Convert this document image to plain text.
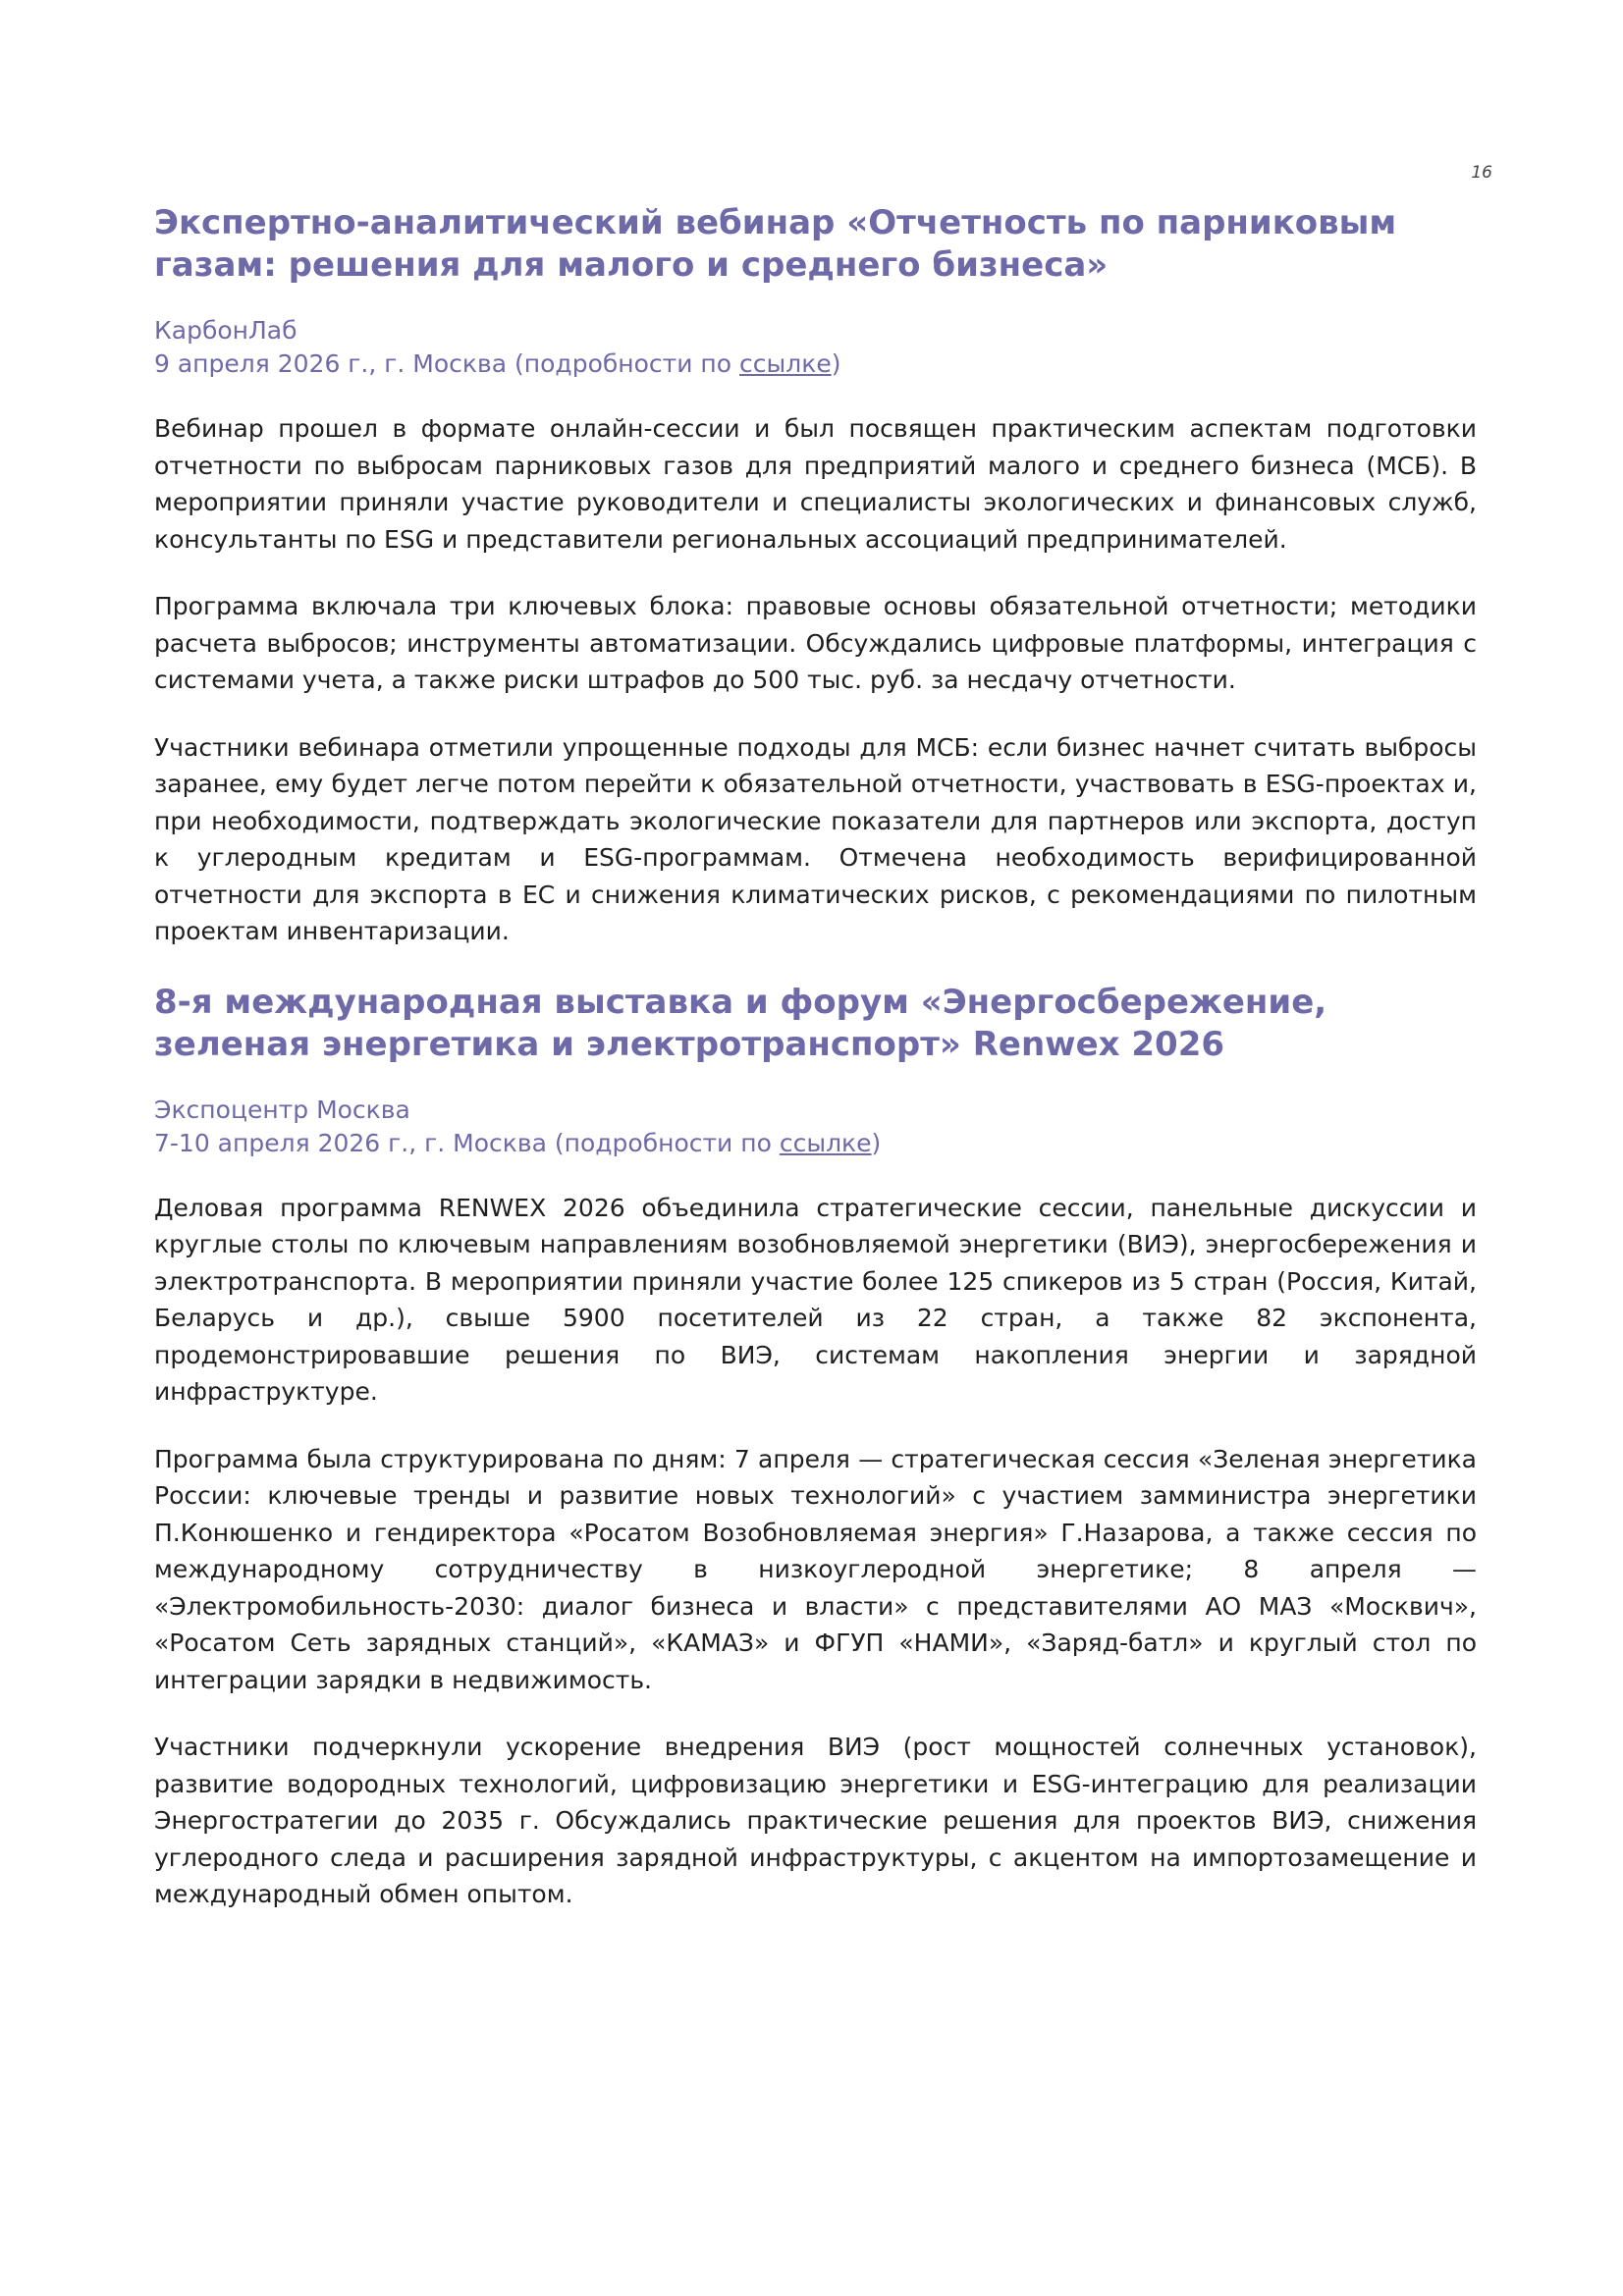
16
Экспертно-аналитический вебинар «Отчетность по парниковым газам: решения для малого и среднего бизнеса»
КарбонЛаб
9 апреля 2026 г., г. Москва (подробности по ссылке)

Вебинар прошел в формате онлайн-сессии и был посвящен практическим аспектам подготовки отчетности по выбросам парниковых газов для предприятий малого и среднего бизнеса (МСБ). В мероприятии приняли участие руководители и специалисты экологических и финансовых служб, консультанты по ESG и представители региональных ассоциаций предпринимателей.

Программа включала три ключевых блока: правовые основы обязательной отчетности; методики расчета выбросов; инструменты автоматизации. Обсуждались цифровые платформы, интеграция с системами учета, а также риски штрафов до 500 тыс. руб. за несдачу отчетности.

Участники вебинара отметили упрощенные подходы для МСБ: если бизнес начнет считать выбросы заранее, ему будет легче потом перейти к обязательной отчетности, участвовать в ESG-проектах и, при необходимости, подтверждать экологические показатели для партнеров или экспорта, доступ к углеродным кредитам и ESG-программам. Отмечена необходимость верифицированной отчетности для экспорта в ЕС и снижения климатических рисков, с рекомендациями по пилотным проектам инвентаризации.

8-я международная выставка и форум «Энергосбережение, зеленая энергетика и электротранспорт» Renwex 2026
Экспоцентр Москва
7-10 апреля 2026 г., г. Москва (подробности по ссылке)

Деловая программа RENWEX 2026 объединила стратегические сессии, панельные дискуссии и круглые столы по ключевым направлениям возобновляемой энергетики (ВИЭ), энергосбережения и электротранспорта. В мероприятии приняли участие более 125 спикеров из 5 стран (Россия, Китай, Беларусь и др.), свыше 5900 посетителей из 22 стран, а также 82 экспонента, продемонстрировавшие решения по ВИЭ, системам накопления энергии и зарядной инфраструктуре.

Программа была структурирована по дням: 7 апреля — стратегическая сессия «Зеленая энергетика России: ключевые тренды и развитие новых технологий» с участием замминистра энергетики П.Конюшенко и гендиректора «Росатом Возобновляемая энергия» Г.Назарова, а также сессия по международному сотрудничеству в низкоуглеродной энергетике; 8 апреля — «Электромобильность-2030: диалог бизнеса и власти» с представителями АО МАЗ «Москвич», «Росатом Сеть зарядных станций», «КАМАЗ» и ФГУП «НАМИ», «Заряд-батл» и круглый стол по интеграции зарядки в недвижимость.

Участники подчеркнули ускорение внедрения ВИЭ (рост мощностей солнечных установок), развитие водородных технологий, цифровизацию энергетики и ESG-интеграцию для реализации Энергостратегии до 2035 г. Обсуждались практические решения для проектов ВИЭ, снижения углеродного следа и расширения зарядной инфраструктуры, с акцентом на импортозамещение и международный обмен опытом.
